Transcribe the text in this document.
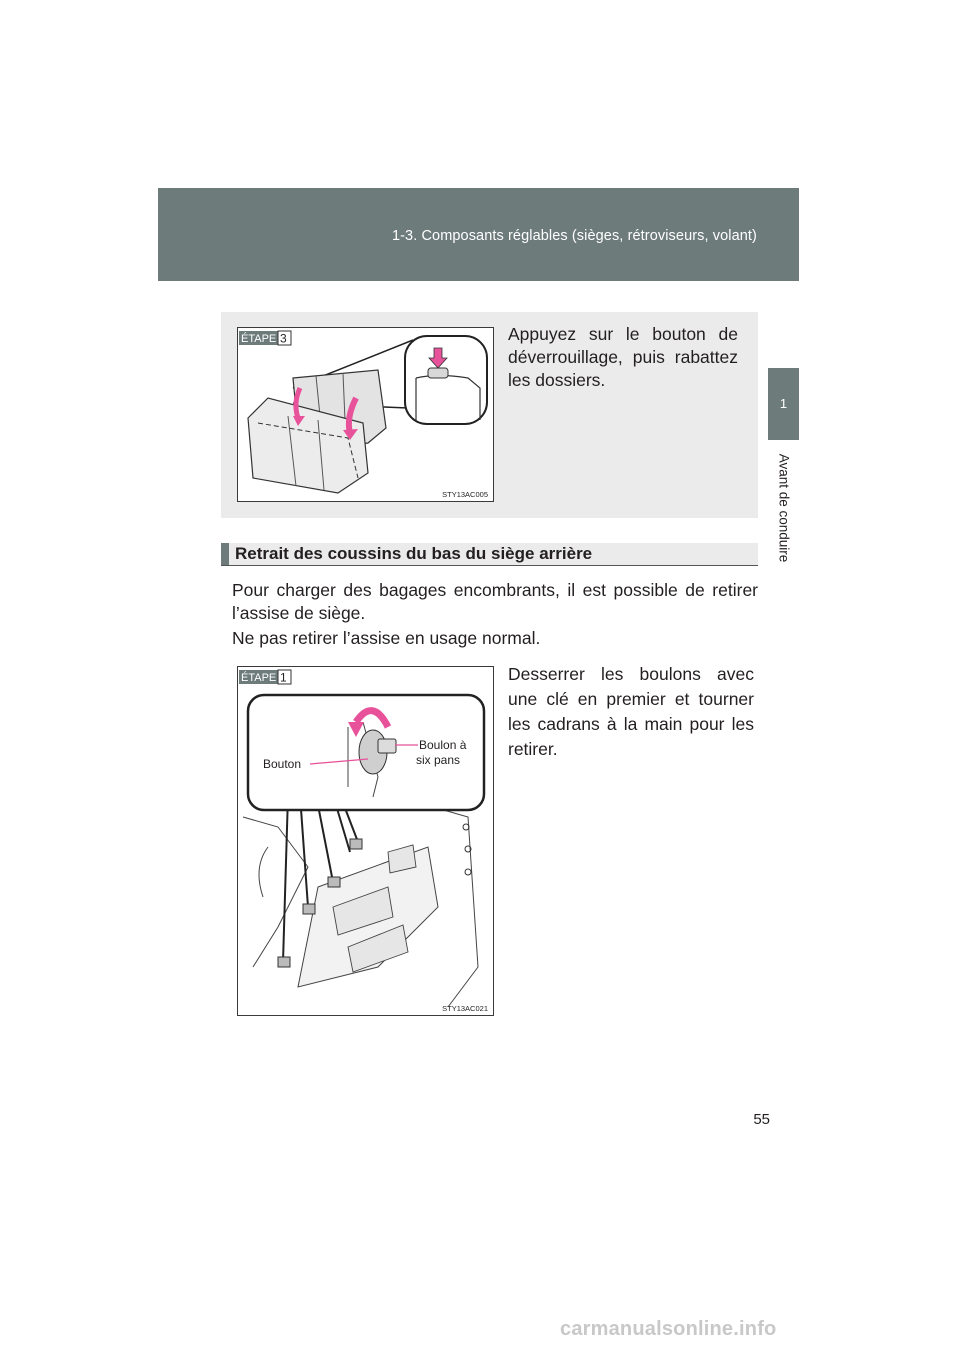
1-3. Composants réglables (sièges, rétroviseurs, volant)
1
Avant de conduire
ÉTAPE 3
STY13AC005
Appuyez sur le bouton de déverrouillage, puis rabattez les dossiers.
Retrait des coussins du bas du siège arrière
Pour charger des bagages encombrants, il est possible de retirer l’assise de siège.
Ne pas retirer l’assise en usage normal.
ÉTAPE 1
Bouton
Boulon à
six pans
STY13AC021
Desserrer les boulons avec une clé en premier et tourner les cadrans à la main pour les retirer.
55
carmanualsonline.info
